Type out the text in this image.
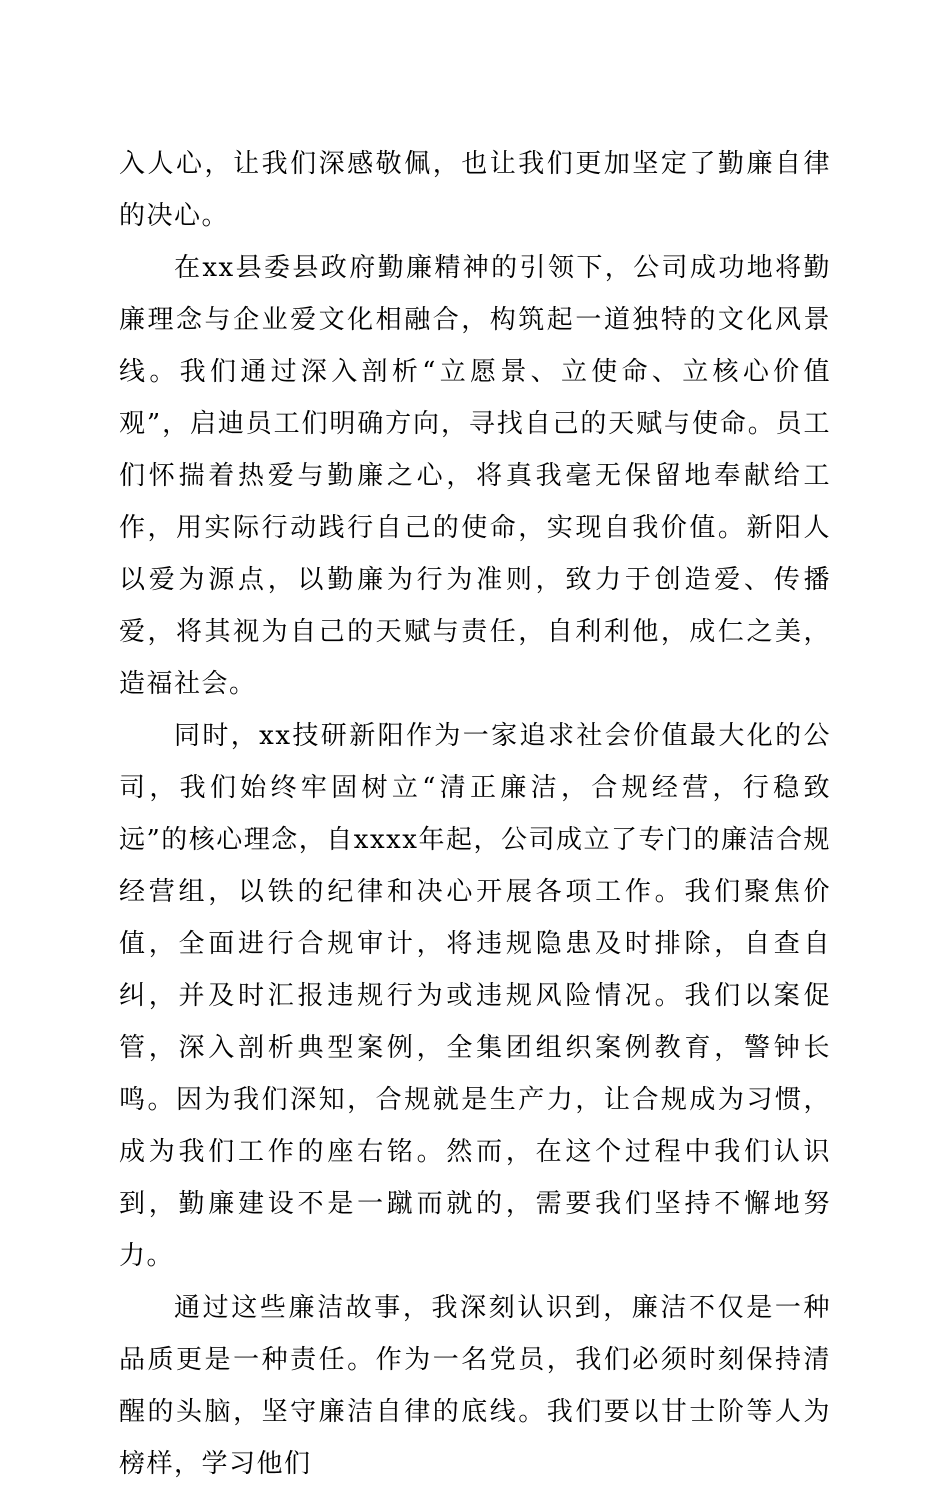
入人心，让我们深感敬佩，也让我们更加坚定了勤廉自律的决心。

在xx县委县政府勤廉精神的引领下，公司成功地将勤廉理念与企业爱文化相融合，构筑起一道独特的文化风景线。我们通过深入剖析“立愿景、立使命、立核心价值观”，启迪员工们明确方向，寻找自己的天赋与使命。员工们怀揣着热爱与勤廉之心，将真我毫无保留地奉献给工作，用实际行动践行自己的使命，实现自我价值。新阳人以爱为源点，以勤廉为行为准则，致力于创造爱、传播爱，将其视为自己的天赋与责任，自利利他，成仁之美，造福社会。

同时，xx技研新阳作为一家追求社会价值最大化的公司，我们始终牢固树立“清正廉洁，合规经营，行稳致远”的核心理念，自xxxx年起，公司成立了专门的廉洁合规经营组，以铁的纪律和决心开展各项工作。我们聚焦价值，全面进行合规审计，将违规隐患及时排除，自查自纠，并及时汇报违规行为或违规风险情况。我们以案促管，深入剖析典型案例，全集团组织案例教育，警钟长鸣。因为我们深知，合规就是生产力，让合规成为习惯，成为我们工作的座右铭。然而，在这个过程中我们认识到，勤廉建设不是一蹴而就的，需要我们坚持不懈地努力。

通过这些廉洁故事，我深刻认识到，廉洁不仅是一种品质更是一种责任。作为一名党员，我们必须时刻保持清醒的头脑，坚守廉洁自律的底线。我们要以甘士阶等人为榜样，学习他们
